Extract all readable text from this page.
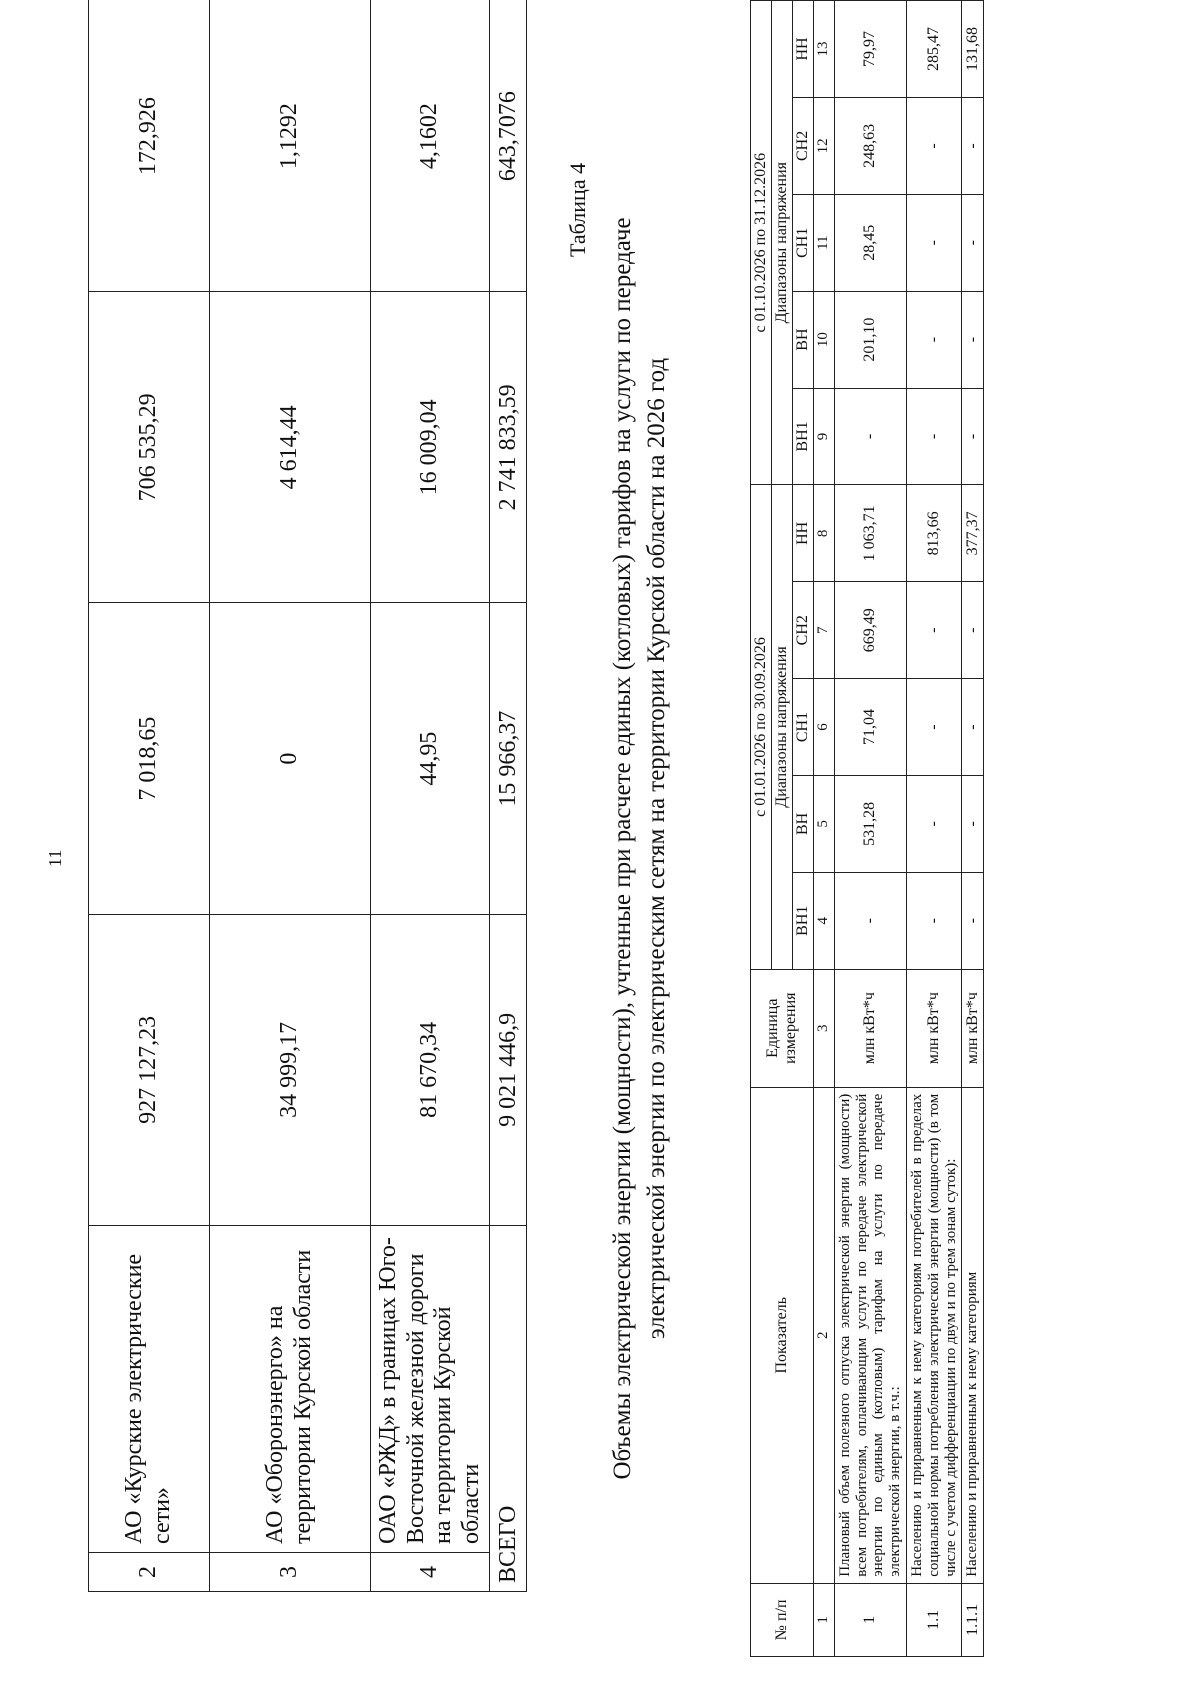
11
2	АО «Курские электрические сети»	927 127,23	7 018,65	706 535,29	172,926
3	АО «Оборонэнерго» на территории Курской области	34 999,17	0	4 614,44	1,1292
4	ОАО «РЖД» в границах Юго-Восточной железной дороги на территории Курской области	81 670,34	44,95	16 009,04	4,1602
ВСЕГО		9 021 446,9	15 966,37	2 741 833,59	643,7076
Таблица 4
Объемы электрической энергии (мощности), учтенные при расчете единых (котловых) тарифов на услуги по передаче электрической энергии по электрическим сетям на территории Курской области на 2026 год
№ п/п	Показатель	Единица измерения	с 01.01.2026 по 30.09.2026					с 01.10.2026 по 31.12.2026				
			Диапазоны напряжения					Диапазоны напряжения				
			ВН1	ВН	СН1	СН2	НН	ВН1	ВН	СН1	СН2	НН
1	2	3	4	5	6	7	8	9	10	11	12	13
1	Плановый объем полезного отпуска электрической энергии (мощности) всем потребителям, оплачивающим услуги по передаче электрической энергии по единым (котловым) тарифам на услуги по передаче электрической энергии, в т.ч.:	млн кВт*ч	-	531,28	71,04	669,49	1 063,71	-	201,10	28,45	248,63	79,97
1.1	Населению и приравненным к нему категориям потребителей в пределах социальной нормы потребления электрической энергии (мощности) (в том числе с учетом дифференциации по двум и по трем зонам суток):	млн кВт*ч	-	-	-	-	813,66	-	-	-	-	285,47
1.1.1	Населению и приравненным к нему категориям	млн кВт*ч	-	-	-	-	377,37	-	-	-	-	131,68
